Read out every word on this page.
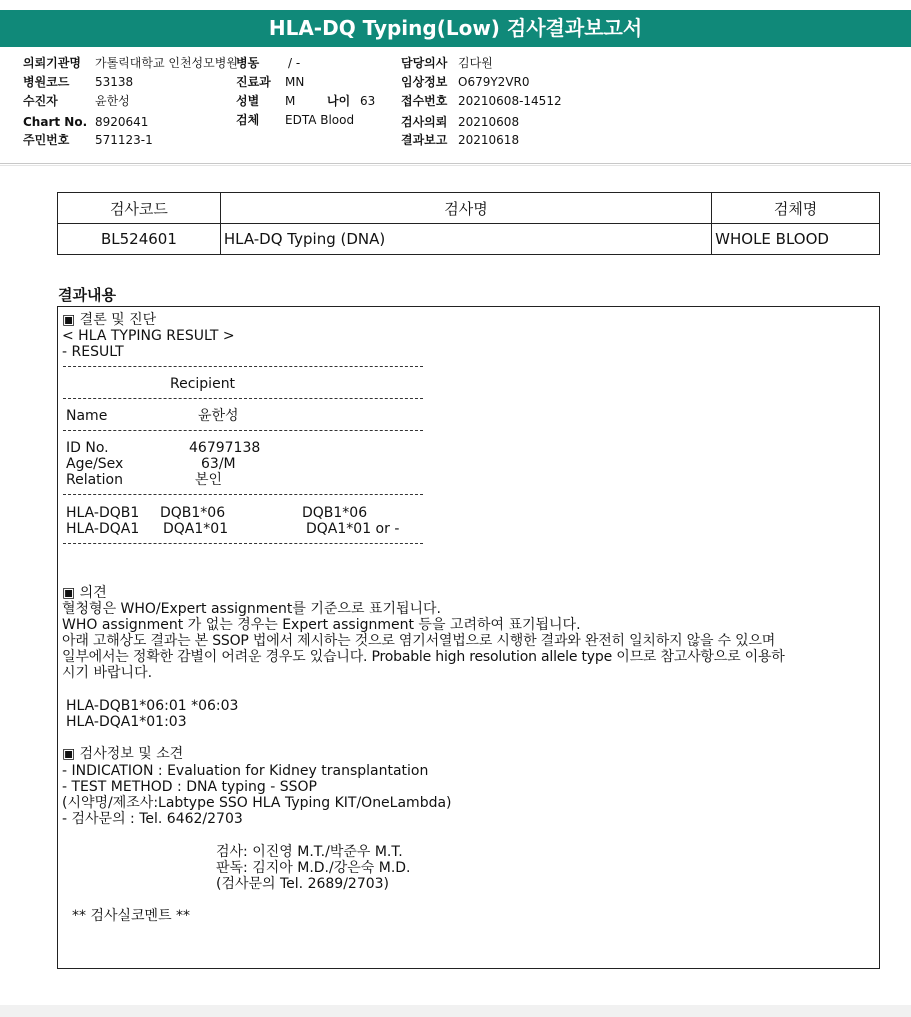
HLA-DQ Typing(Low) 검사결과보고서
의뢰기관명 가톨릭대학교 인천성모병원
병원코드 53138
수진자	윤한성
Chart No. 8920641
주민번호 571123-1
병동 / -
진료과 MN
성별 M	나이 63
검체 EDTA Blood
담당의사 김다원
임상정보 O679Y2VR0
접수번호 20210608-14512
검사의뢰 20210608
결과보고 20210618
검사코드	검사명	검체명
BL524601	HLA-DQ Typing (DNA)	WHOLE BLOOD
결과내용
▣ 결론 및 진단
< HLA TYPING RESULT >
- RESULT
Recipient
Name	윤한성
ID No.	46797138
Age/Sex	63/M
Relation	본인
HLA-DQB1 DQB1*06	DQB1*06
HLA-DQA1 DQA1*01	DQA1*01 or -
▣ 의견
혈청형은 WHO/Expert assignment를 기준으로 표기됩니다.
WHO assignment 가 없는 경우는 Expert assignment 등을 고려하여 표기됩니다.
아래 고해상도 결과는 본 SSOP 법에서 제시하는 것으로 염기서열법으로 시행한 결과와 완전히 일치하지 않을 수 있으며
일부에서는 정확한 감별이 어려운 경우도 있습니다. Probable high resolution allele type 이므로 참고사항으로 이용하
시기 바랍니다.
HLA-DQB1*06:01 *06:03
HLA-DQA1*01:03
▣ 검사정보 및 소견
- INDICATION : Evaluation for Kidney transplantation
- TEST METHOD : DNA typing - SSOP
(시약명/제조사:Labtype SSO HLA Typing KIT/OneLambda)
- 검사문의 : Tel. 6462/2703
검사: 이진영 M.T./박준우 M.T.
판독: 김지아 M.D./강은숙 M.D.
(검사문의 Tel. 2689/2703)
** 검사실코멘트 **
